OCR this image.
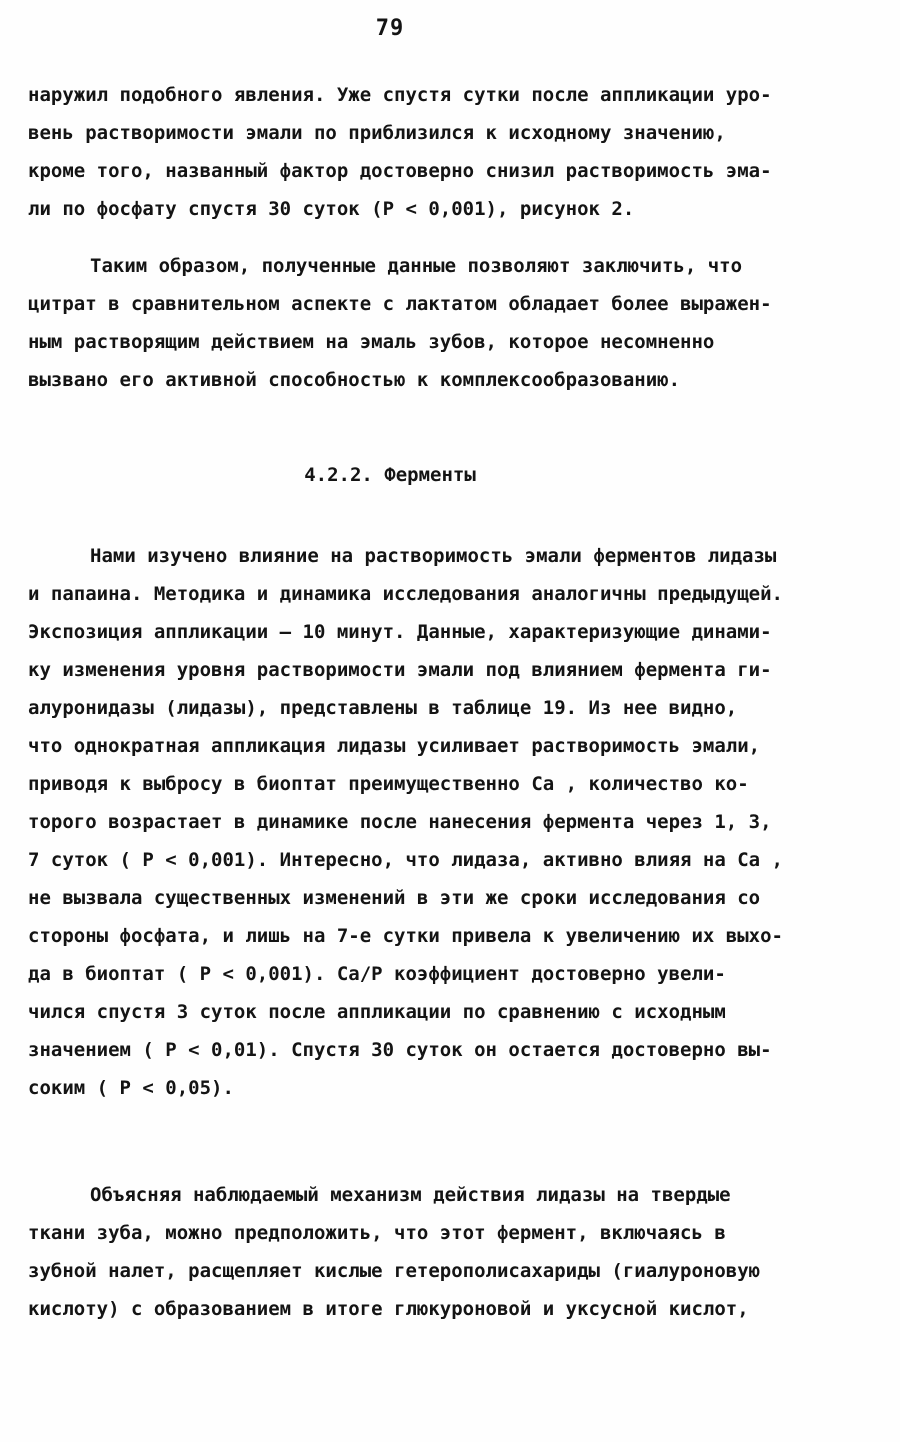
79
наружил подобного явления. Уже спустя сутки после аппликации уро-
вень растворимости эмали по приблизился к исходному значению,
кроме того, названный фактор достоверно снизил растворимость эма-
ли по фосфату спустя 30 суток (P < 0,001), рисунок 2.
Таким образом, полученные данные позволяют заключить, что
цитрат в сравнительном аспекте с лактатом обладает более выражен-
ным растворящим действием на эмаль зубов, которое несомненно
вызвано его активной способностью к комплексообразованию.
4.2.2. Ферменты
Нами изучено влияние на растворимость эмали ферментов лидазы
и папаина. Методика и динамика исследования аналогичны предыдущей.
Экспозиция аппликации – 10 минут. Данные, характеризующие динами-
ку изменения уровня растворимости эмали под влиянием фермента ги-
алуронидазы (лидазы), представлены в таблице 19. Из нее видно,
что однократная аппликация лидазы усиливает растворимость эмали,
приводя к выбросу в биоптат преимущественно Ca , количество ко-
торого возрастает в динамике после нанесения фермента через 1, 3,
7 суток ( P < 0,001). Интересно, что лидаза, активно влияя на Ca ,
не вызвала существенных изменений в эти же сроки исследования со
стороны фосфата, и лишь на 7-е сутки привела к увеличению их выхо-
да в биоптат ( P < 0,001). Ca/P коэффициент достоверно увели-
чился спустя 3 суток после аппликации по сравнению с исходным
значением ( P < 0,01). Спустя 30 суток он остается достоверно вы-
соким ( P < 0,05).
Объясняя наблюдаемый механизм действия лидазы на твердые
ткани зуба, можно предположить, что этот фермент, включаясь в
зубной налет, расщепляет кислые гетерополисахариды (гиалуроновую
кислоту) с образованием в итоге глюкуроновой и уксусной кислот,
